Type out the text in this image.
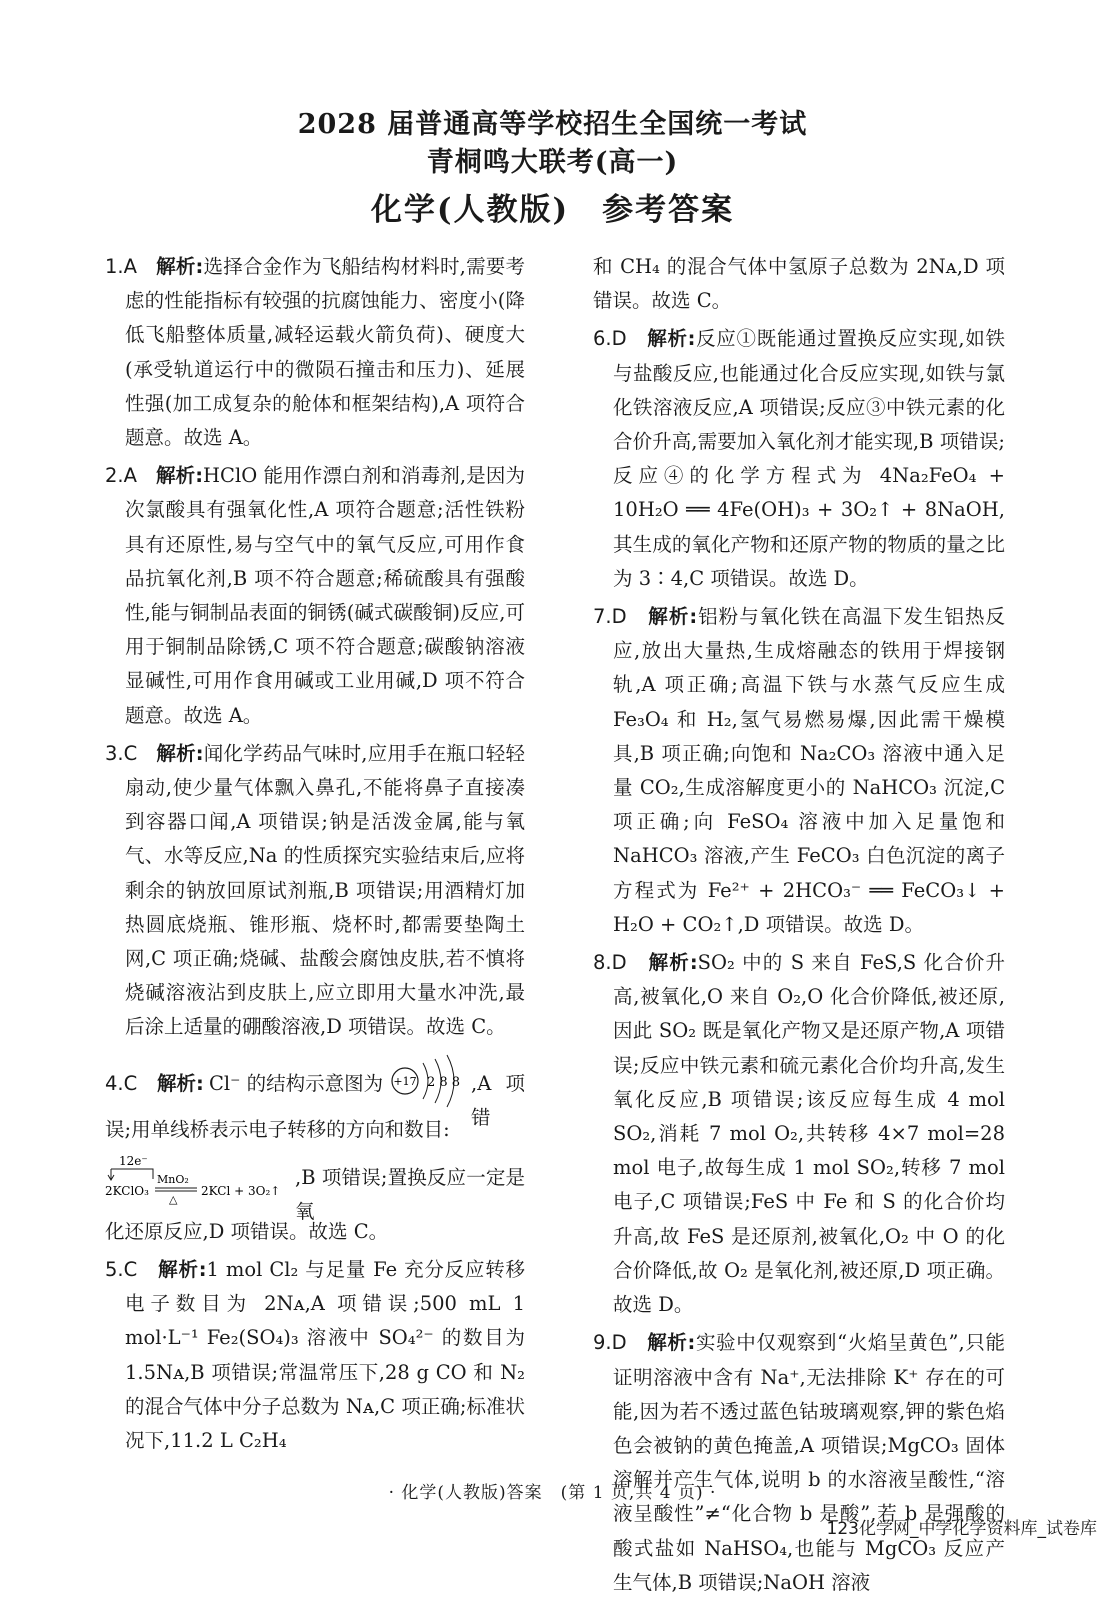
2028 届普通高等学校招生全国统一考试
青桐鸣大联考(高一)
化学(人教版)　参考答案

1.A 解析:选择合金作为飞船结构材料时,需要考虑的性能指标有较强的抗腐蚀能力、密度小(降低飞船整体质量,减轻运载火箭负荷)、硬度大(承受轨道运行中的微陨石撞击和压力)、延展性强(加工成复杂的舱体和框架结构),A 项符合题意。故选 A。

2.A 解析:HClO 能用作漂白剂和消毒剂,是因为次氯酸具有强氧化性,A 项符合题意;活性铁粉具有还原性,易与空气中的氧气反应,可用作食品抗氧化剂,B 项不符合题意;稀硫酸具有强酸性,能与铜制品表面的铜锈(碱式碳酸铜)反应,可用于铜制品除锈,C 项不符合题意;碳酸钠溶液显碱性,可用作食用碱或工业用碱,D 项不符合题意。故选 A。

3.C 解析:闻化学药品气味时,应用手在瓶口轻轻扇动,使少量气体飘入鼻孔,不能将鼻子直接凑到容器口闻,A 项错误;钠是活泼金属,能与氧气、水等反应,Na 的性质探究实验结束后,应将剩余的钠放回原试剂瓶,B 项错误;用酒精灯加热圆底烧瓶、锥形瓶、烧杯时,都需要垫陶土网,C 项正确;烧碱、盐酸会腐蚀皮肤,若不慎将烧碱溶液沾到皮肤上,应立即用大量水冲洗,最后涂上适量的硼酸溶液,D 项错误。故选 C。

4.C 解析: Cl⁻ 的结构示意图为 +17 2 8 8 ,A 项错

误;用单线桥表示电子转移的方向和数目:

12e⁻
2KClO₃
MnO₂
△
2KCl + 3O₂↑
,B 项错误;置换反应一定是氧

化还原反应,D 项错误。故选 C。

5.C 解析:1 mol Cl₂ 与足量 Fe 充分反应转移电子数目为 2Nᴀ,A 项错误;500 mL 1 mol·L⁻¹ Fe₂(SO₄)₃ 溶液中 SO₄²⁻ 的数目为 1.5Nᴀ,B 项错误;常温常压下,28 g CO 和 N₂ 的混合气体中分子总数为 Nᴀ,C 项正确;标准状况下,11.2 L C₂H₄

和 CH₄ 的混合气体中氢原子总数为 2Nᴀ,D 项错误。故选 C。

6.D 解析:反应①既能通过置换反应实现,如铁与盐酸反应,也能通过化合反应实现,如铁与氯化铁溶液反应,A 项错误;反应③中铁元素的化合价升高,需要加入氧化剂才能实现,B 项错误;反应④的化学方程式为 4Na₂FeO₄ + 10H₂O ══ 4Fe(OH)₃ + 3O₂↑ + 8NaOH,其生成的氧化产物和还原产物的物质的量之比为 3∶4,C 项错误。故选 D。

7.D 解析:铝粉与氧化铁在高温下发生铝热反应,放出大量热,生成熔融态的铁用于焊接钢轨,A 项正确;高温下铁与水蒸气反应生成 Fe₃O₄ 和 H₂,氢气易燃易爆,因此需干燥模具,B 项正确;向饱和 Na₂CO₃ 溶液中通入足量 CO₂,生成溶解度更小的 NaHCO₃ 沉淀,C 项正确;向 FeSO₄ 溶液中加入足量饱和 NaHCO₃ 溶液,产生 FeCO₃ 白色沉淀的离子方程式为 Fe²⁺ + 2HCO₃⁻ ══ FeCO₃↓ + H₂O + CO₂↑,D 项错误。故选 D。

8.D 解析:SO₂ 中的 S 来自 FeS,S 化合价升高,被氧化,O 来自 O₂,O 化合价降低,被还原,因此 SO₂ 既是氧化产物又是还原产物,A 项错误;反应中铁元素和硫元素化合价均升高,发生氧化反应,B 项错误;该反应每生成 4 mol SO₂,消耗 7 mol O₂,共转移 4×7 mol=28 mol 电子,故每生成 1 mol SO₂,转移 7 mol 电子,C 项错误;FeS 中 Fe 和 S 的化合价均升高,故 FeS 是还原剂,被氧化,O₂ 中 O 的化合价降低,故 O₂ 是氧化剂,被还原,D 项正确。故选 D。

9.D 解析:实验中仅观察到“火焰呈黄色”,只能证明溶液中含有 Na⁺,无法排除 K⁺ 存在的可能,因为若不透过蓝色钴玻璃观察,钾的紫色焰色会被钠的黄色掩盖,A 项错误;MgCO₃ 固体溶解并产生气体,说明 b 的水溶液呈酸性,“溶液呈酸性”≠“化合物 b 是酸”,若 b 是强酸的酸式盐如 NaHSO₄,也能与 MgCO₃ 反应产生气体,B 项错误;NaOH 溶液

· 化学(人教版)答案　(第 1 页,共 4 页) ·
123化学网_中学化学资料库_试卷库
